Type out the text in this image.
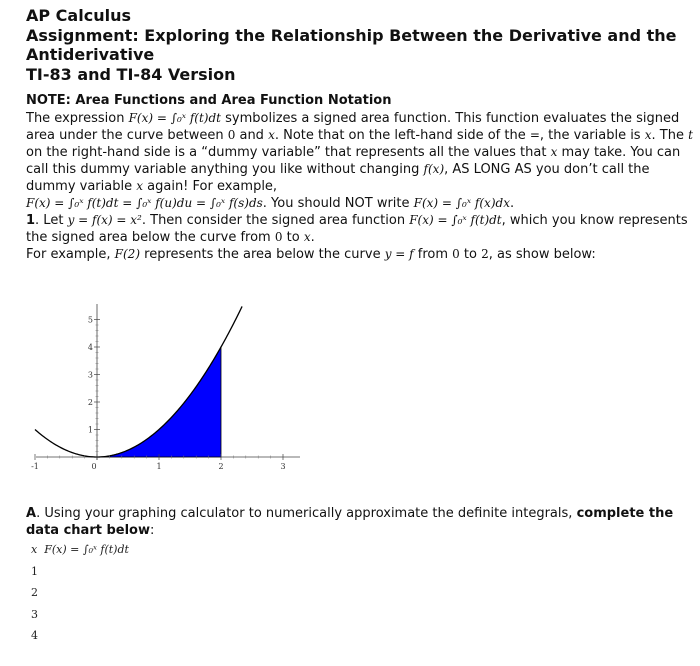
AP Calculus
Assignment: Exploring the Relationship Between the Derivative and the Antiderivative
TI-83 and TI-84 Version
NOTE: Area Functions and Area Function Notation

The expression F(x) = ∫₀ˣ f(t)dt symbolizes a signed area function. This function evaluates the signed area under the curve between 0 and x. Note that on the left-hand side of the =, the variable is x. The t on the right-hand side is a “dummy variable” that represents all the values that x may take. You can call this dummy variable anything you like without changing f(x), AS LONG AS you don’t call the dummy variable x again! For example,
F(x) = ∫₀ˣ f(t)dt = ∫₀ˣ f(u)du = ∫₀ˣ f(s)ds. You should NOT write F(x) = ∫₀ˣ f(x)dx.

1. Let y = f(x) = x². Then consider the signed area function F(x) = ∫₀ˣ f(t)dt, which you know represents the signed area below the curve from 0 to x.
For example, F(2) represents the area below the curve y = f from 0 to 2, as show below:

-1	0	1	2	3
1
2
3
4
5
A. Using your graphing calculator to numerically approximate the definite integrals, complete the data chart below:
x F(x) = ∫₀ˣ f(t)dt
1
2
3
4
